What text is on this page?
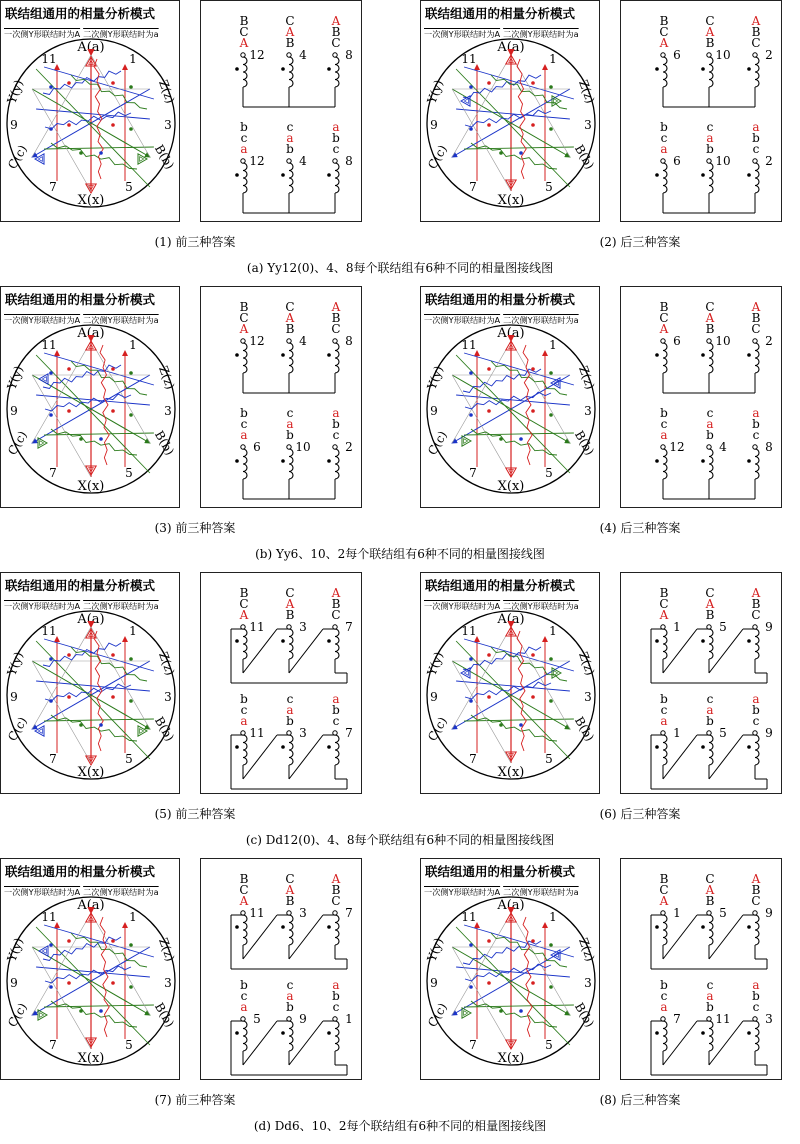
A(a)
X(x)
Y(y)	Z(z)
C(c)	B(b)
11	1
3
5
7
9
联结组通用的相量分析模式
一次侧Y形联结时为A 二次侧Y形联结时为a
B
C
A
12
C
A
B
4
A
B
C
8
b
c
a
12
c
a
b
4
a
b
c
8
(1) 前三种答案
A(a)
X(x)
Y(y)	Z(z)
C(c)	B(b)
11	1
3
5
7
9
联结组通用的相量分析模式
一次侧Y形联结时为A 二次侧Y形联结时为a
B
C
A
6
C
A
B
10
A
B
C
2
b
c
a
6
c
a
b
10
a
b
c
2
(2) 后三种答案
(a) Yy12(0)、4、8每个联结组有6种不同的相量图接线图
A(a)
X(x)
Y(y)	Z(z)
C(c)	B(b)
11	1
3
5
7
9
联结组通用的相量分析模式
一次侧Y形联结时为A 二次侧Y形联结时为a
B
C
A
12
C
A
B
4
A
B
C
8
b
c
a
6
c
a
b
10
a
b
c
2
(3) 前三种答案
A(a)
X(x)
Y(y)	Z(z)
C(c)	B(b)
11	1
3
5
7
9
联结组通用的相量分析模式
一次侧Y形联结时为A 二次侧Y形联结时为a
B
C
A
6
C
A
B
10
A
B
C
2
b
c
a
12
c
a
b
4
a
b
c
8
(4) 后三种答案
(b) Yy6、10、2每个联结组有6种不同的相量图接线图
A(a)
X(x)
Y(y)	Z(z)
C(c)	B(b)
11	1
3
5
7
9
联结组通用的相量分析模式
一次侧Y形联结时为A 二次侧Y形联结时为a
B
C
A
11
C
A
B
3
A
B
C
7
b
c
a
11
c
a
b
3
a
b
c
7
(5) 前三种答案
A(a)
X(x)
Y(y)	Z(z)
C(c)	B(b)
11	1
3
5
7
9
联结组通用的相量分析模式
一次侧Y形联结时为A 二次侧Y形联结时为a
B
C
A
1
C
A
B
5
A
B
C
9
b
c
a
1
c
a
b
5
a
b
c
9
(6) 后三种答案
(c) Dd12(0)、4、8每个联结组有6种不同的相量图接线图
A(a)
X(x)
Y(y)	Z(z)
C(c)	B(b)
11	1
3
5
7
9
联结组通用的相量分析模式
一次侧Y形联结时为A 二次侧Y形联结时为a
B
C
A
11
C
A
B
3
A
B
C
7
b
c
a
5
c
a
b
9
a
b
c
1
(7) 前三种答案
A(a)
X(x)
Y(y)	Z(z)
C(c)	B(b)
11	1
3
5
7
9
联结组通用的相量分析模式
一次侧Y形联结时为A 二次侧Y形联结时为a
B
C
A
1
C
A
B
5
A
B
C
9
b
c
a
7
c
a
b
11
a
b
c
3
(8) 后三种答案
(d) Dd6、10、2每个联结组有6种不同的相量图接线图
